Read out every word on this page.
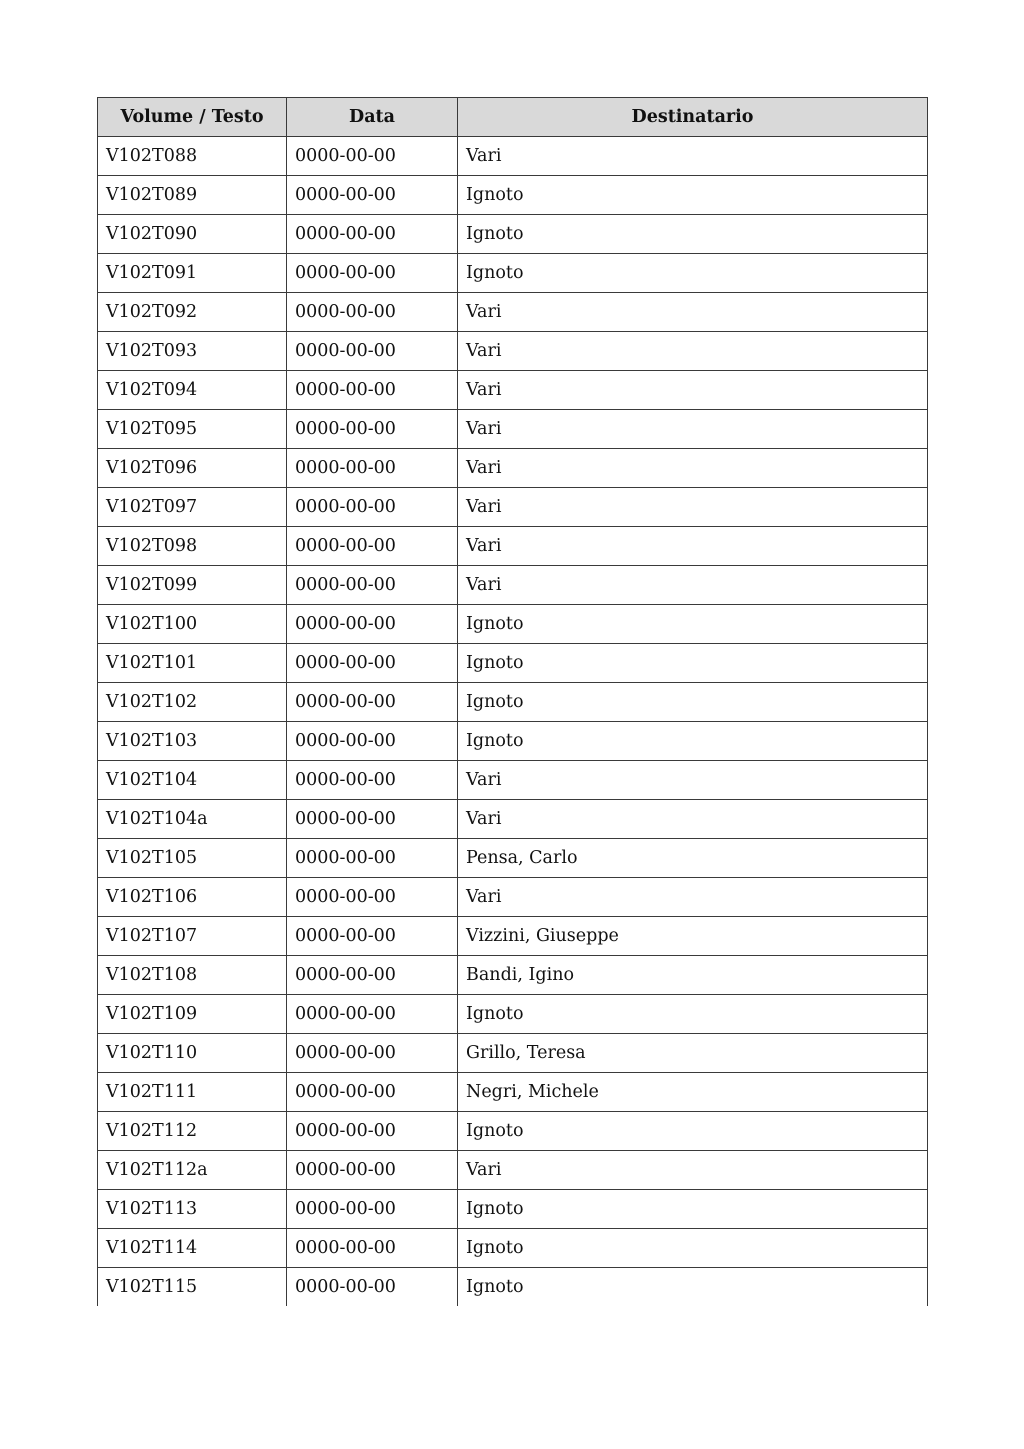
Volume / Testo	Data	Destinatario
V102T088	0000-00-00	Vari
V102T089	0000-00-00	Ignoto
V102T090	0000-00-00	Ignoto
V102T091	0000-00-00	Ignoto
V102T092	0000-00-00	Vari
V102T093	0000-00-00	Vari
V102T094	0000-00-00	Vari
V102T095	0000-00-00	Vari
V102T096	0000-00-00	Vari
V102T097	0000-00-00	Vari
V102T098	0000-00-00	Vari
V102T099	0000-00-00	Vari
V102T100	0000-00-00	Ignoto
V102T101	0000-00-00	Ignoto
V102T102	0000-00-00	Ignoto
V102T103	0000-00-00	Ignoto
V102T104	0000-00-00	Vari
V102T104a	0000-00-00	Vari
V102T105	0000-00-00	Pensa, Carlo
V102T106	0000-00-00	Vari
V102T107	0000-00-00	Vizzini, Giuseppe
V102T108	0000-00-00	Bandi, Igino
V102T109	0000-00-00	Ignoto
V102T110	0000-00-00	Grillo, Teresa
V102T111	0000-00-00	Negri, Michele
V102T112	0000-00-00	Ignoto
V102T112a	0000-00-00	Vari
V102T113	0000-00-00	Ignoto
V102T114	0000-00-00	Ignoto
V102T115	0000-00-00	Ignoto
